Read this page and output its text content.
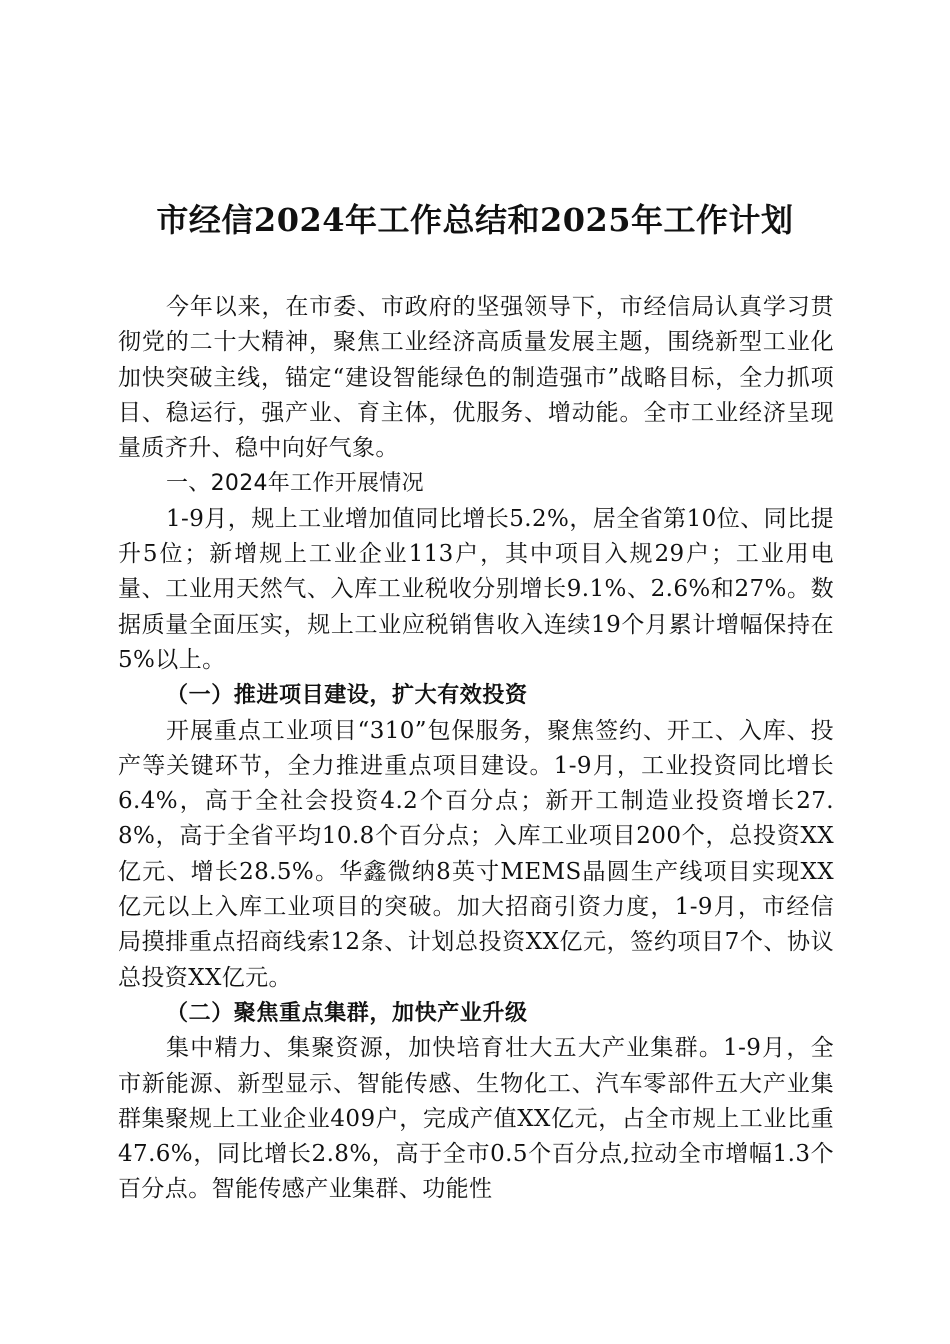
市经信2024年工作总结和2025年工作计划

今年以来，在市委、市政府的坚强领导下，市经信局认真学习贯彻党的二十大精神，聚焦工业经济高质量发展主题，围绕新型工业化加快突破主线，锚定“建设智能绿色的制造强市”战略目标，全力抓项目、稳运行，强产业、育主体，优服务、增动能。全市工业经济呈现量质齐升、稳中向好气象。

一、2024年工作开展情况

1-9月，规上工业增加值同比增长5.2%，居全省第10位、同比提升5位；新增规上工业企业113户，其中项目入规29户；工业用电量、工业用天然气、入库工业税收分别增长9.1%、2.6%和27%。数据质量全面压实，规上工业应税销售收入连续19个月累计增幅保持在5%以上。

（一）推进项目建设，扩大有效投资

开展重点工业项目“310”包保服务，聚焦签约、开工、入库、投产等关键环节，全力推进重点项目建设。1-9月，工业投资同比增长6.4%，高于全社会投资4.2个百分点；新开工制造业投资增长27.8%，高于全省平均10.8个百分点；入库工业项目200个，总投资XX亿元、增长28.5%。华鑫微纳8英寸MEMS晶圆生产线项目实现XX亿元以上入库工业项目的突破。加大招商引资力度，1-9月，市经信局摸排重点招商线索12条、计划总投资XX亿元，签约项目7个、协议总投资XX亿元。

（二）聚焦重点集群，加快产业升级

集中精力、集聚资源，加快培育壮大五大产业集群。1-9月，全市新能源、新型显示、智能传感、生物化工、汽车零部件五大产业集群集聚规上工业企业409户，完成产值XX亿元，占全市规上工业比重47.6%，同比增长2.8%，高于全市0.5个百分点,拉动全市增幅1.3个百分点。智能传感产业集群、功能性
